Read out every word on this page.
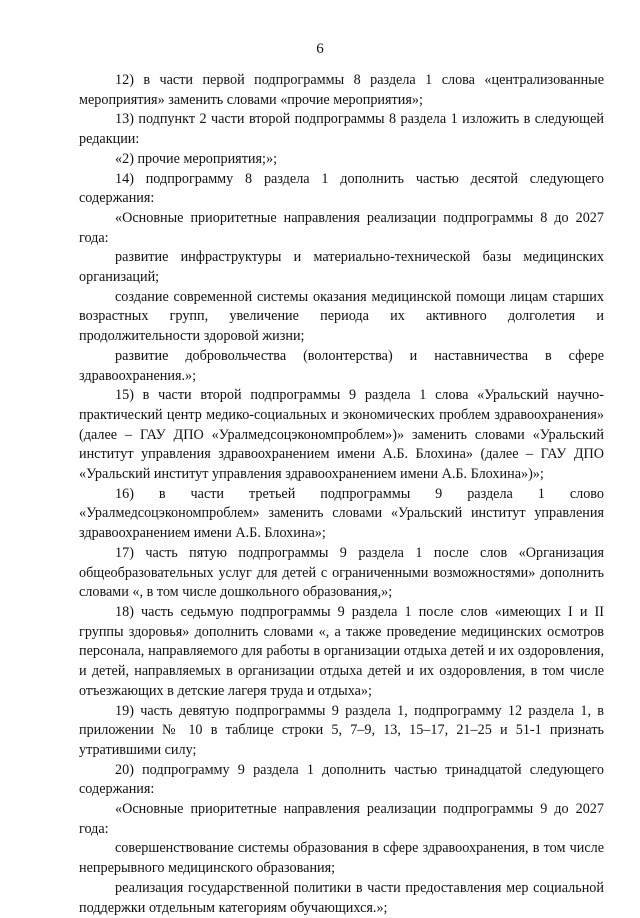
6

12) в части первой подпрограммы 8 раздела 1 слова «централизованные мероприятия» заменить словами «прочие мероприятия»;

13) подпункт 2 части второй подпрограммы 8 раздела 1 изложить в следующей редакции:

«2) прочие мероприятия;»;

14) подпрограмму 8 раздела 1 дополнить частью десятой следующего содержания:

«Основные приоритетные направления реализации подпрограммы 8 до 2027 года:

развитие инфраструктуры и материально-технической базы медицинских организаций;

создание современной системы оказания медицинской помощи лицам старших возрастных групп, увеличение периода их активного долголетия и продолжительности здоровой жизни;

развитие добровольчества (волонтерства) и наставничества в сфере здравоохранения.»;

15) в части второй подпрограммы 9 раздела 1 слова «Уральский научно-практический центр медико-социальных и экономических проблем здравоохранения» (далее – ГАУ ДПО «Уралмедсоцэкономпроблем»)» заменить словами «Уральский институт управления здравоохранением имени А.Б. Блохина» (далее – ГАУ ДПО «Уральский институт управления здравоохранением имени А.Б. Блохина»)»;

16) в части третьей подпрограммы 9 раздела 1 слово «Уралмедсоцэкономпроблем» заменить словами «Уральский институт управления здравоохранением имени А.Б. Блохина»;

17) часть пятую подпрограммы 9 раздела 1 после слов «Организация общеобразовательных услуг для детей с ограниченными возможностями» дополнить словами «, в том числе дошкольного образования,»;

18) часть седьмую подпрограммы 9 раздела 1 после слов «имеющих I и II группы здоровья» дополнить словами «, а также проведение медицинских осмотров персонала, направляемого для работы в организации отдыха детей и их оздоровления, и детей, направляемых в организации отдыха детей и их оздоровления, в том числе отъезжающих в детские лагеря труда и отдыха»;

19) часть девятую подпрограммы 9 раздела 1, подпрограмму 12 раздела 1, в приложении № 10 в таблице строки 5, 7–9, 13, 15–17, 21–25 и 51-1 признать утратившими силу;

20) подпрограмму 9 раздела 1 дополнить частью тринадцатой следующего содержания:

«Основные приоритетные направления реализации подпрограммы 9 до 2027 года:

совершенствование системы образования в сфере здравоохранения, в том числе непрерывного медицинского образования;

реализация государственной политики в части предоставления мер социальной поддержки отдельным категориям обучающихся.»;
